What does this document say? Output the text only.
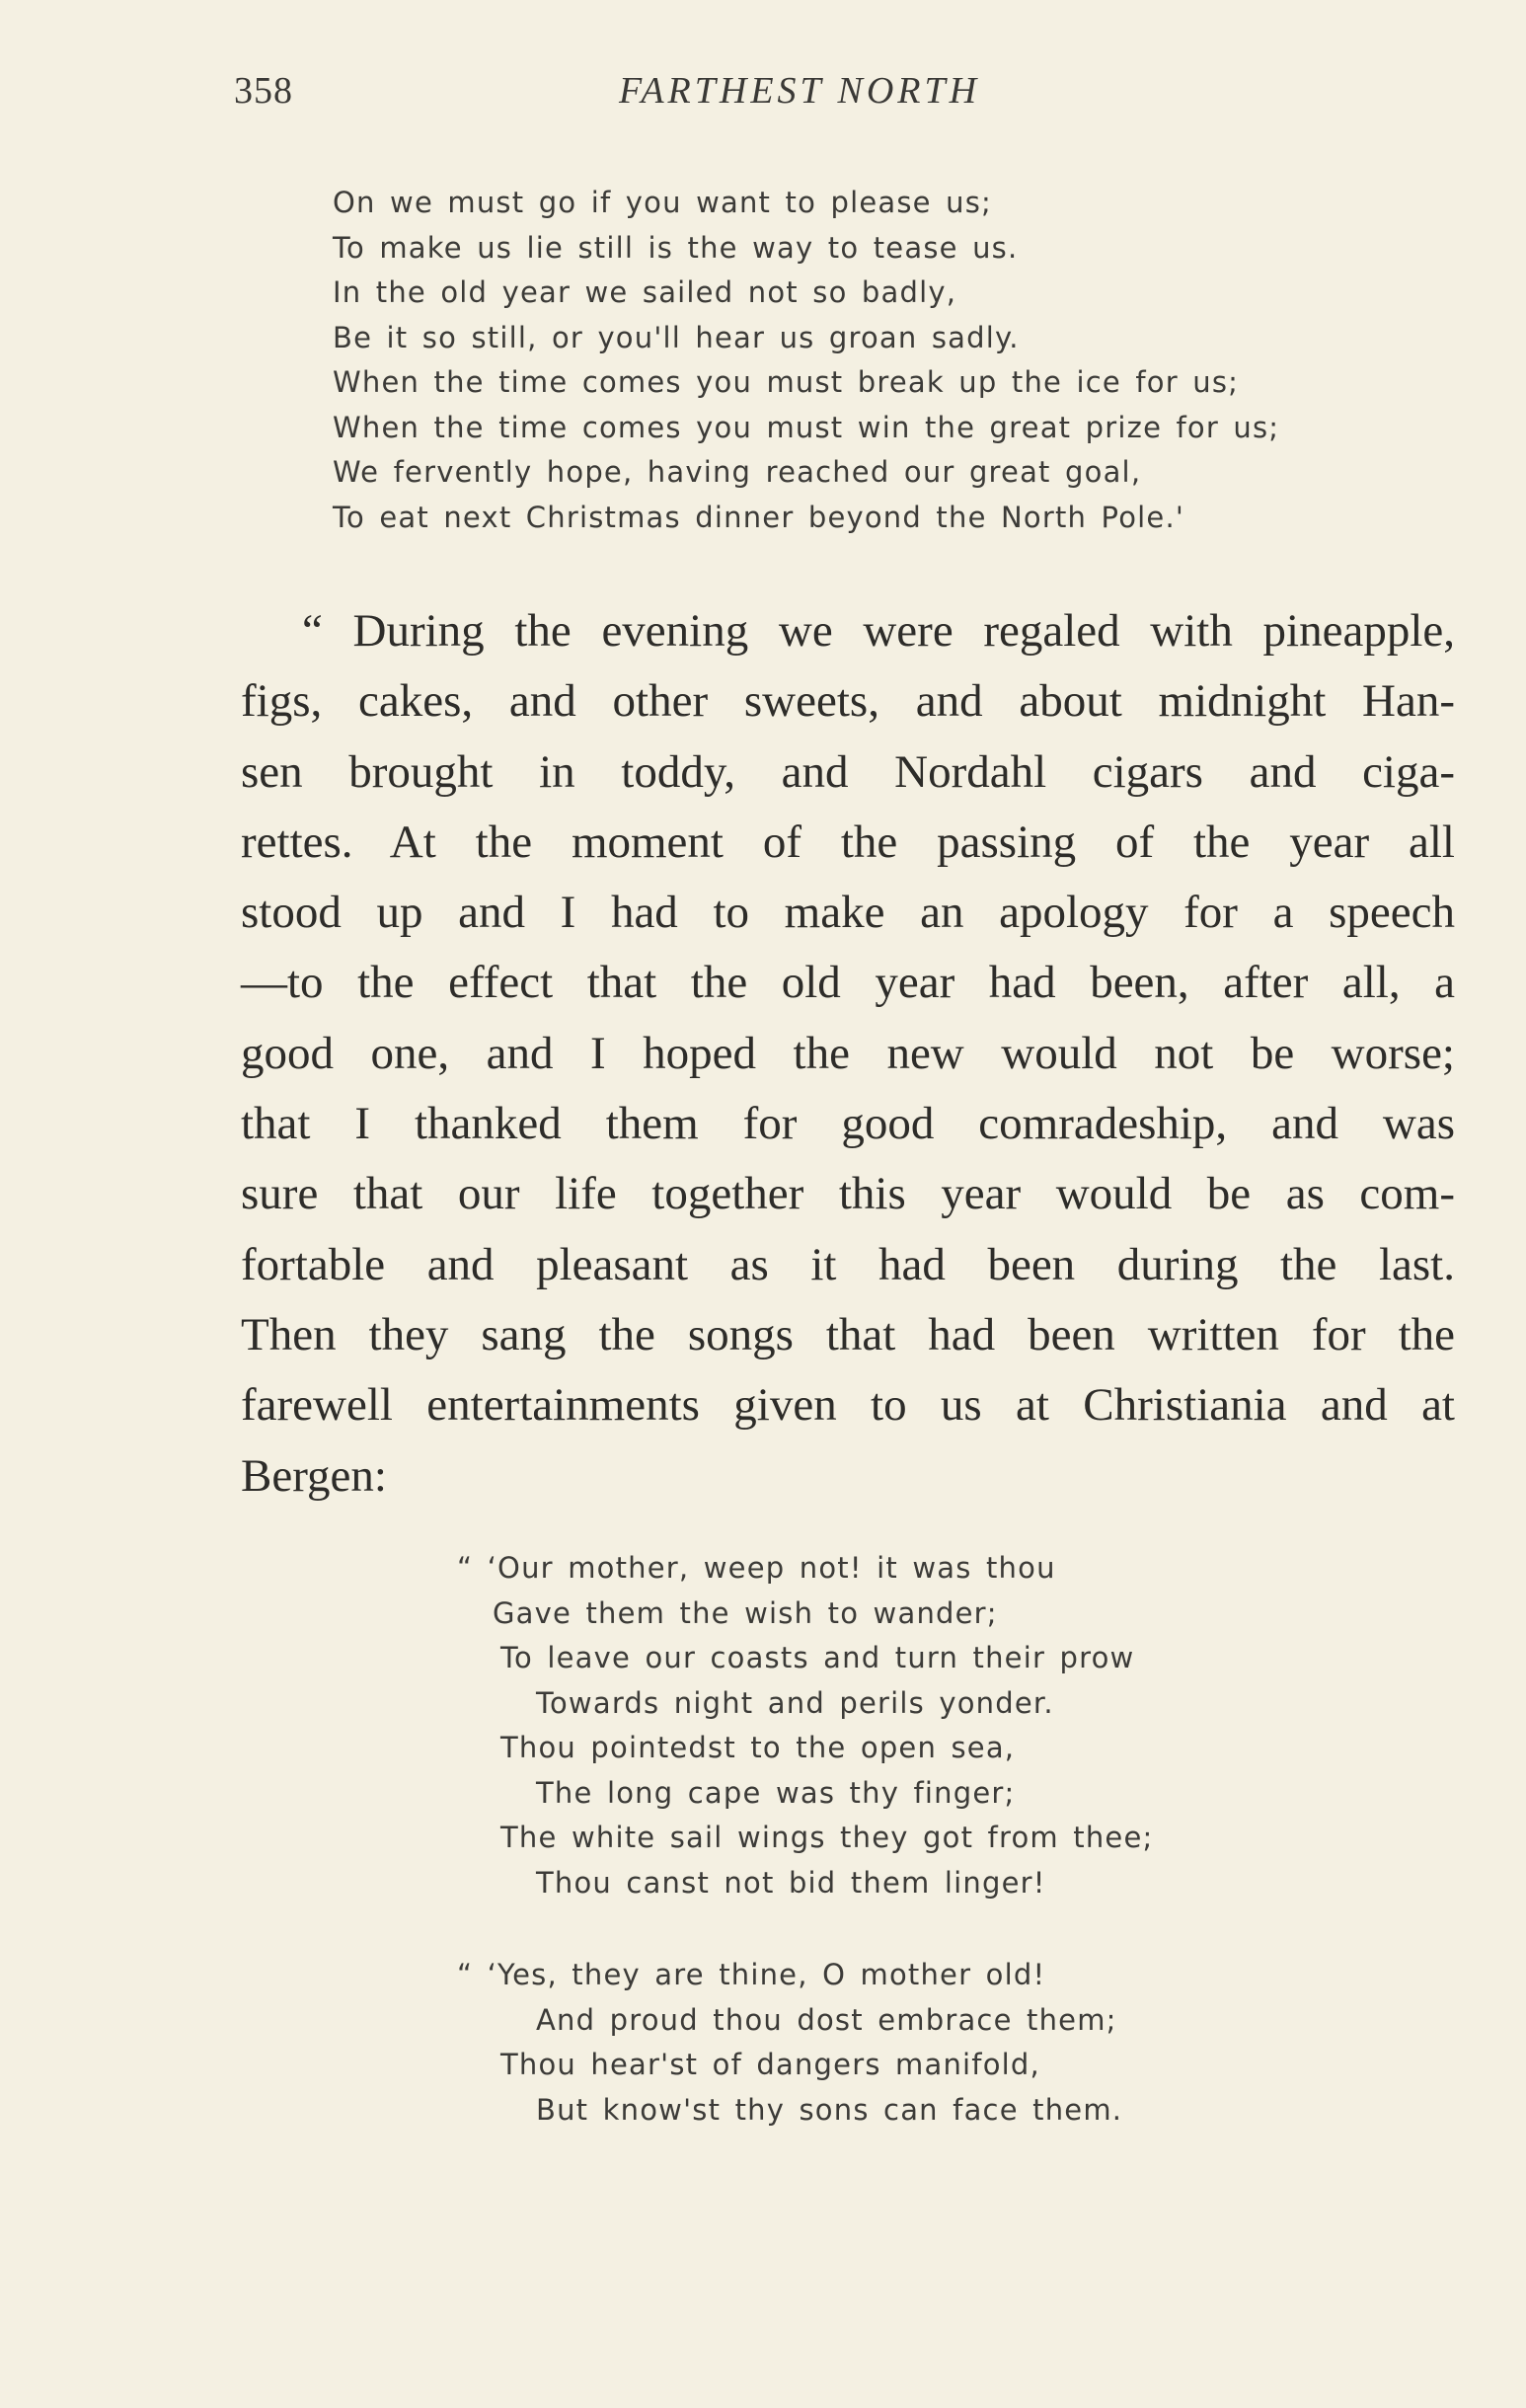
358	FARTHEST NORTH
On we must go if you want to please us;
To make us lie still is the way to tease us.
In the old year we sailed not so badly,
Be it so still, or you'll hear us groan sadly.
When the time comes you must break up the ice for us;
When the time comes you must win the great prize for us;
We fervently hope, having reached our great goal,
To eat next Christmas dinner beyond the North Pole.'
“ During the evening we were regaled with pineapple,
figs, cakes, and other sweets, and about midnight Han-
sen brought in toddy, and Nordahl cigars and ciga-
rettes. At the moment of the passing of the year all
stood up and I had to make an apology for a speech
—to the effect that the old year had been, after all, a
good one, and I hoped the new would not be worse;
that I thanked them for good comradeship, and was
sure that our life together this year would be as com-
fortable and pleasant as it had been during the last.
Then they sang the songs that had been written for the
farewell entertainments given to us at Christiania and at
Bergen:
“ ‘Our mother, weep not! it was thou
Gave them the wish to wander;
To leave our coasts and turn their prow
Towards night and perils yonder.
Thou pointedst to the open sea,
The long cape was thy finger;
The white sail wings they got from thee;
Thou canst not bid them linger!
“ ‘Yes, they are thine, O mother old!
And proud thou dost embrace them;
Thou hear'st of dangers manifold,
But know'st thy sons can face them.
